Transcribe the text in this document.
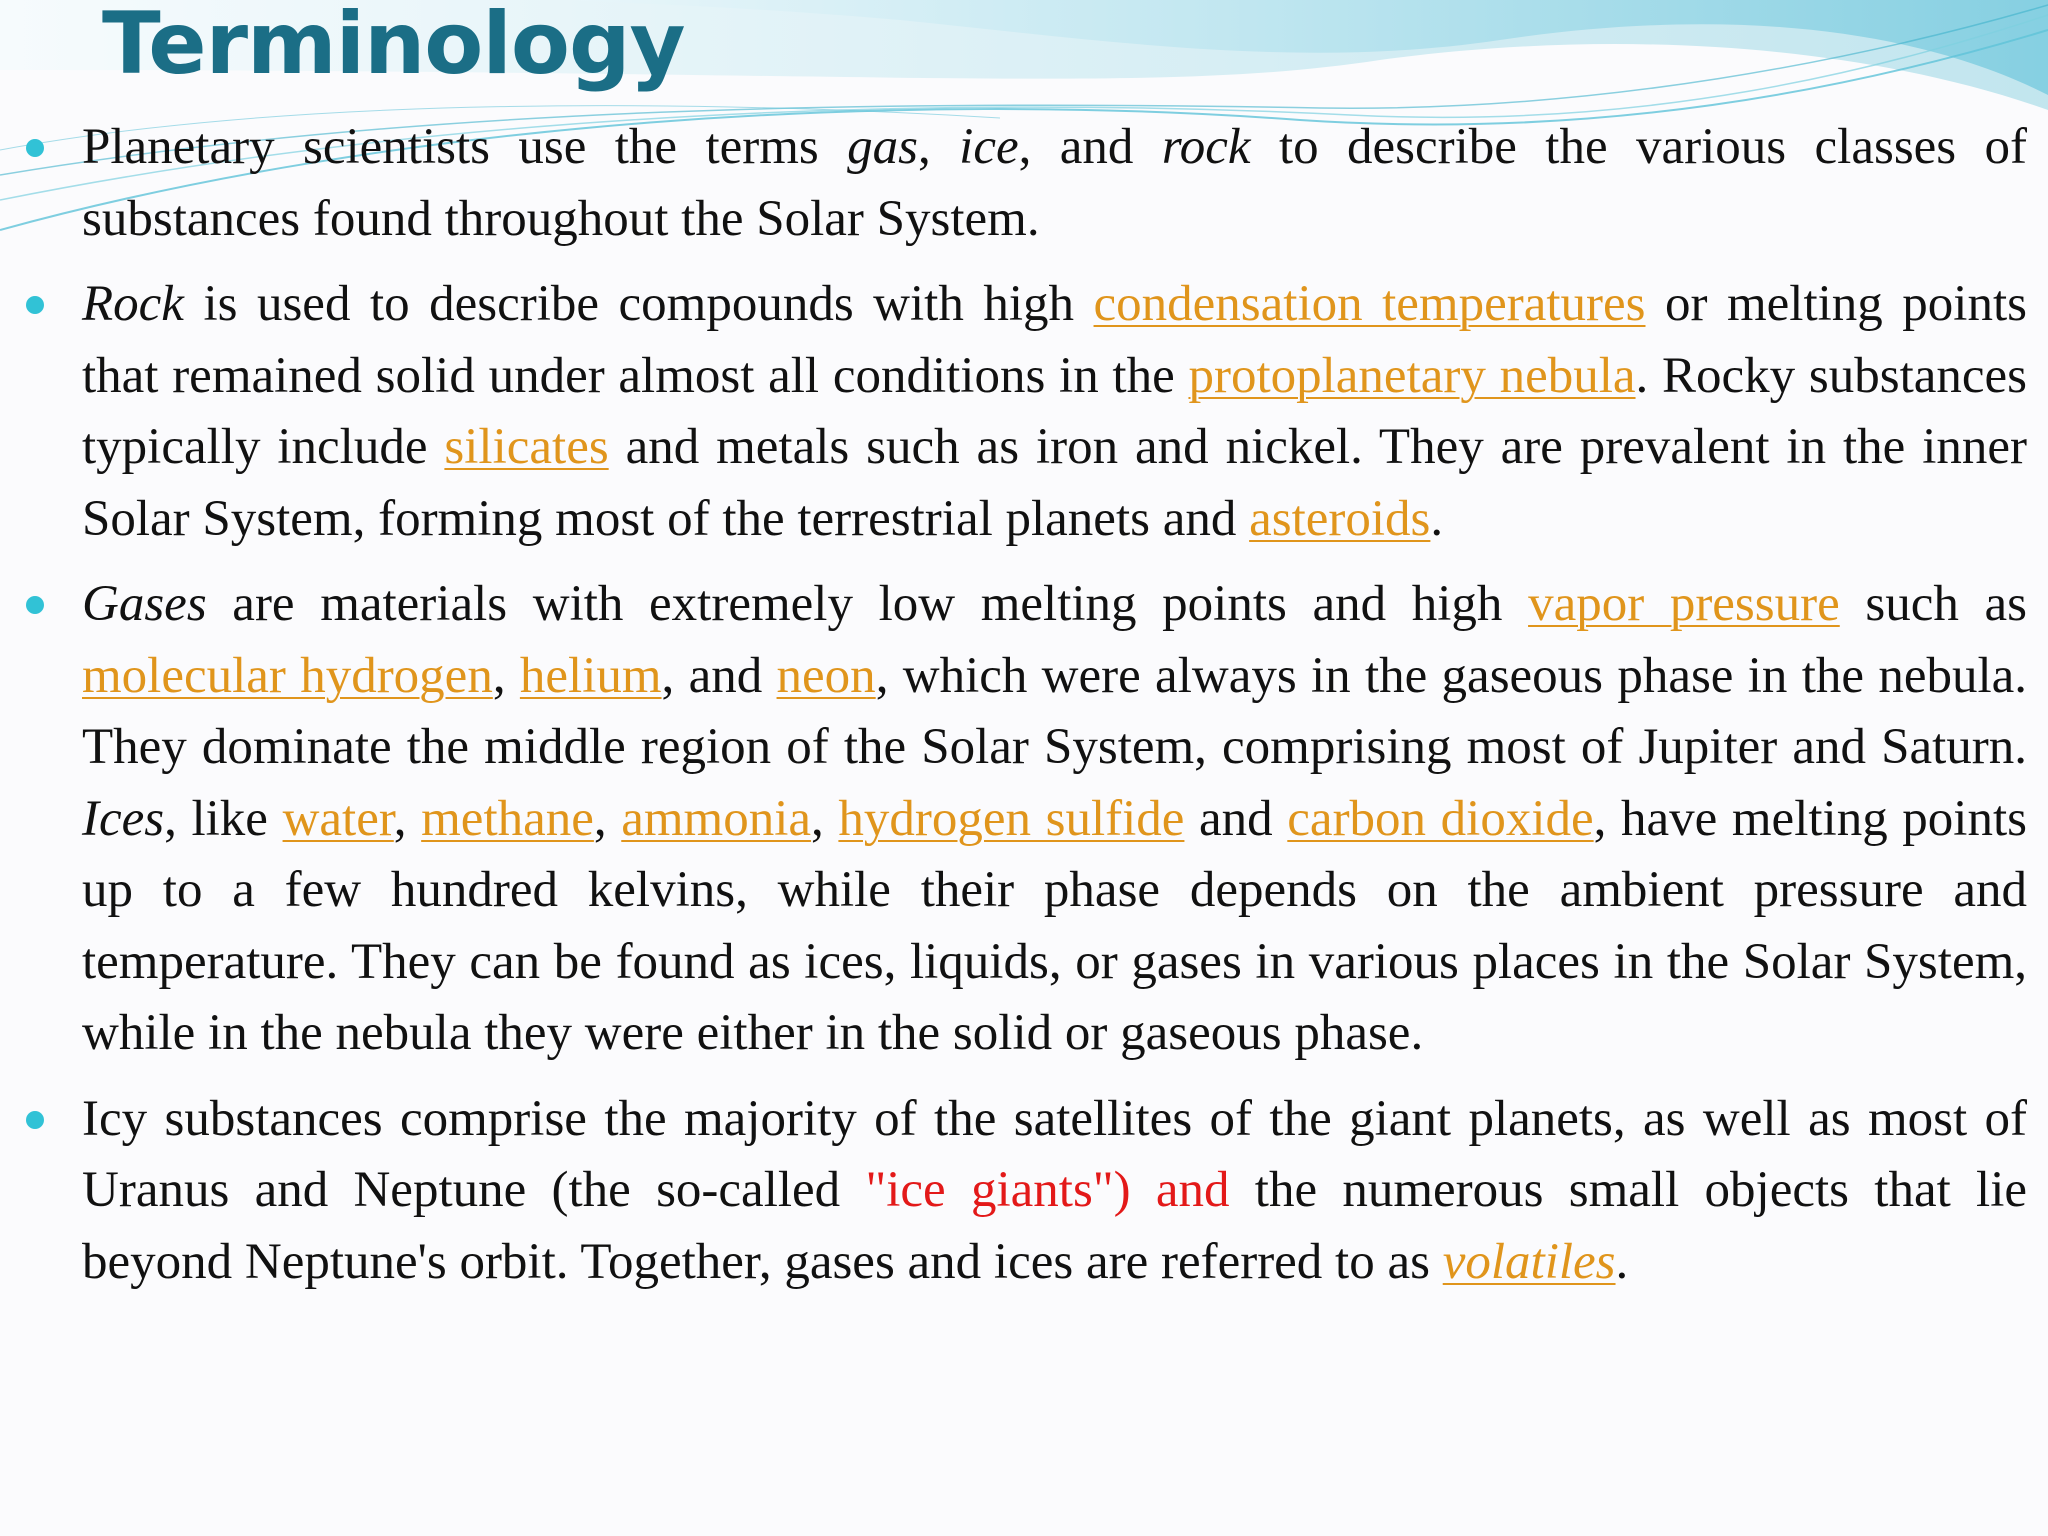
Terminology
Planetary scientists use the terms gas, ice, and rock to describe the various classes of substances found throughout the Solar System.
Rock is used to describe compounds with high condensation temperatures or melting points that remained solid under almost all conditions in the protoplanetary nebula. Rocky substances typically include silicates and metals such as iron and nickel. They are prevalent in the inner Solar System, forming most of the terrestrial planets and asteroids.
Gases are materials with extremely low melting points and high vapor pressure such as molecular hydrogen, helium, and neon, which were always in the gaseous phase in the nebula. They dominate the middle region of the Solar System, comprising most of Jupiter and Saturn. Ices, like water, methane, ammonia, hydrogen sulfide and carbon dioxide, have melting points up to a few hundred kelvins, while their phase depends on the ambient pressure and temperature. They can be found as ices, liquids, or gases in various places in the Solar System, while in the nebula they were either in the solid or gaseous phase.
Icy substances comprise the majority of the satellites of the giant planets, as well as most of Uranus and Neptune (the so-called "ice giants") and the numerous small objects that lie beyond Neptune's orbit. Together, gases and ices are referred to as volatiles.
